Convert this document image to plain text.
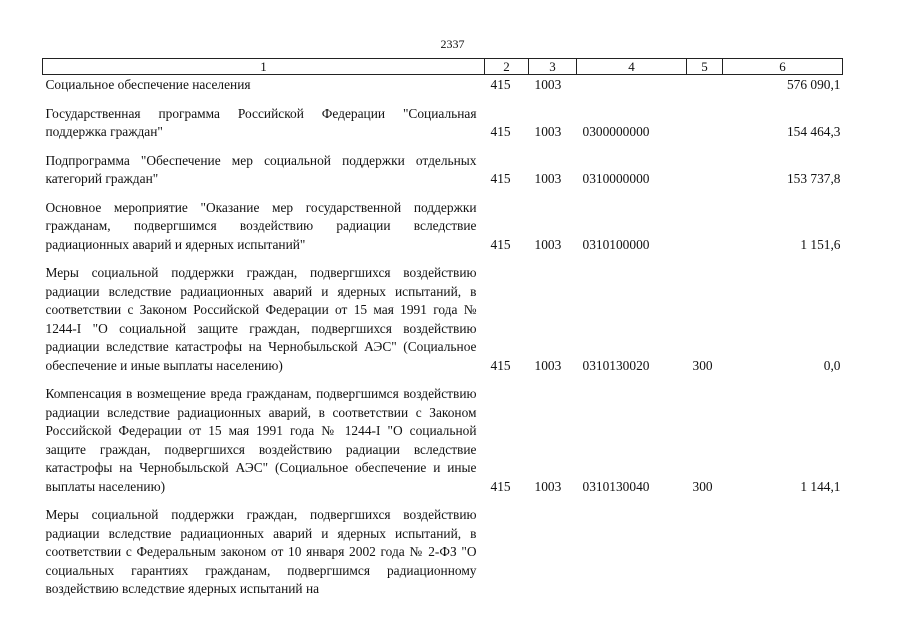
2337
1	2	3	4	5	6
Социальное обеспечение населения	415	1003			576 090,1
Государственная программа Российской Федерации "Социальная поддержка граждан"	415	1003	0300000000		154 464,3
Подпрограмма "Обеспечение мер социальной поддержки отдельных категорий граждан"	415	1003	0310000000		153 737,8
Основное мероприятие "Оказание мер государственной поддержки гражданам, подвергшимся воздействию радиации вследствие радиационных аварий и ядерных испытаний"	415	1003	0310100000		1 151,6
Меры социальной поддержки граждан, подвергшихся воздействию радиации вследствие радиационных аварий и ядерных испытаний, в соответствии с Законом Российской Федерации от 15 мая 1991 года № 1244-I "О социальной защите граждан, подвергшихся воздействию радиации вследствие катастрофы на Чернобыльской АЭС" (Социальное обеспечение и иные выплаты населению)	415	1003	0310130020	300	0,0
Компенсация в возмещение вреда гражданам, подвергшимся воздействию радиации вследствие радиационных аварий, в соответствии с Законом Российской Федерации от 15 мая 1991 года № 1244-I "О социальной защите граждан, подвергшихся воздействию радиации вследствие катастрофы на Чернобыльской АЭС" (Социальное обеспечение и иные выплаты населению)	415	1003	0310130040	300	1 144,1
Меры социальной поддержки граждан, подвергшихся воздействию радиации вследствие радиационных аварий и ядерных испытаний, в соответствии с Федеральным законом от 10 января 2002 года № 2-ФЗ "О социальных гарантиях гражданам, подвергшимся радиационному воздействию вследствие ядерных испытаний на					
